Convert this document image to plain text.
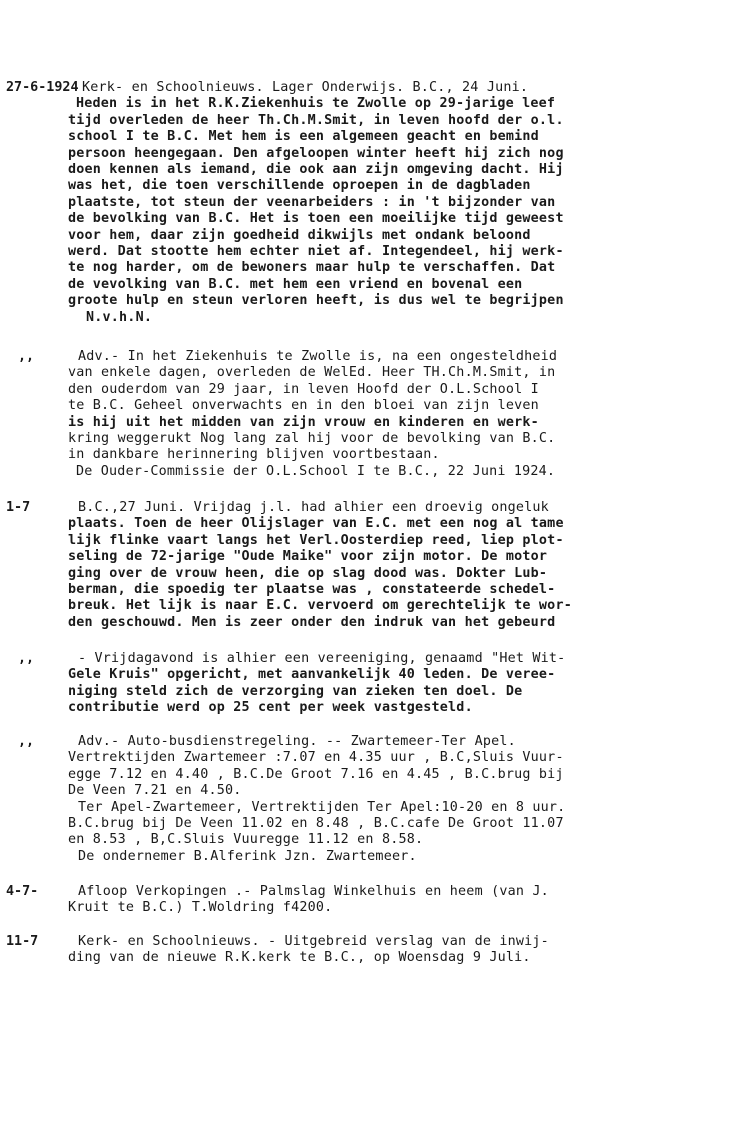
27-6-1924 Kerk- en Schoolnieuws. Lager Onderwijs. B.C., 24 Juni.
Heden is in het R.K.Ziekenhuis te Zwolle op 29-jarige leef
tijd overleden de heer Th.Ch.M.Smit, in leven hoofd der o.l.
school I te B.C. Met hem is een algemeen geacht en bemind
persoon heengegaan. Den afgeloopen winter heeft hij zich nog
doen kennen als iemand, die ook aan zijn omgeving dacht. Hij
was het, die toen verschillende oproepen in de dagbladen
plaatste, tot steun der veenarbeiders : in 't bijzonder van
de bevolking van B.C. Het is toen een moeilijke tijd geweest
voor hem, daar zijn goedheid dikwijls met ondank beloond
werd. Dat stootte hem echter niet af. Integendeel, hij werk-
te nog harder, om de bewoners maar hulp te verschaffen. Dat
de vevolking van B.C. met hem een vriend en bovenal een
groote hulp en steun verloren heeft, is dus wel te begrijpen
N.v.h.N.
,,	Adv.- In het Ziekenhuis te Zwolle is, na een ongesteldheid
van enkele dagen, overleden de WelEd. Heer TH.Ch.M.Smit, in
den ouderdom van 29 jaar, in leven Hoofd der O.L.School I
te B.C. Geheel onverwachts en in den bloei van zijn leven
is hij uit het midden van zijn vrouw en kinderen en werk-
kring weggerukt Nog lang zal hij voor de bevolking van B.C.
in dankbare herinnering blijven voortbestaan.
De Ouder-Commissie der O.L.School I te B.C., 22 Juni 1924.
1-7	B.C.,27 Juni. Vrijdag j.l. had alhier een droevig ongeluk
plaats. Toen de heer Olijslager van E.C. met een nog al tame
lijk flinke vaart langs het Verl.Oosterdiep reed, liep plot-
seling de 72-jarige "Oude Maike" voor zijn motor. De motor
ging over de vrouw heen, die op slag dood was. Dokter Lub-
berman, die spoedig ter plaatse was , constateerde schedel-
breuk. Het lijk is naar E.C. vervoerd om gerechtelijk te wor-
den geschouwd. Men is zeer onder den indruk van het gebeurd
,,	- Vrijdagavond is alhier een vereeniging, genaamd "Het Wit-
Gele Kruis" opgericht, met aanvankelijk 40 leden. De veree-
niging steld zich de verzorging van zieken ten doel. De
contributie werd op 25 cent per week vastgesteld.
,,	Adv.- Auto-busdienstregeling. -- Zwartemeer-Ter Apel.
Vertrektijden Zwartemeer :7.07 en 4.35 uur , B.C,Sluis Vuur-
egge 7.12 en 4.40 , B.C.De Groot 7.16 en 4.45 , B.C.brug bij
De Veen 7.21 en 4.50.
Ter Apel-Zwartemeer, Vertrektijden Ter Apel:10-20 en 8 uur.
B.C.brug bij De Veen 11.02 en 8.48 , B.C.cafe De Groot 11.07
en 8.53 , B,C.Sluis Vuuregge 11.12 en 8.58.
De ondernemer B.Alferink Jzn. Zwartemeer.
4-7-	Afloop Verkopingen .- Palmslag Winkelhuis en heem (van J.
Kruit te B.C.) T.Woldring f4200.
11-7	Kerk- en Schoolnieuws. - Uitgebreid verslag van de inwij-
ding van de nieuwe R.K.kerk te B.C., op Woensdag 9 Juli.
